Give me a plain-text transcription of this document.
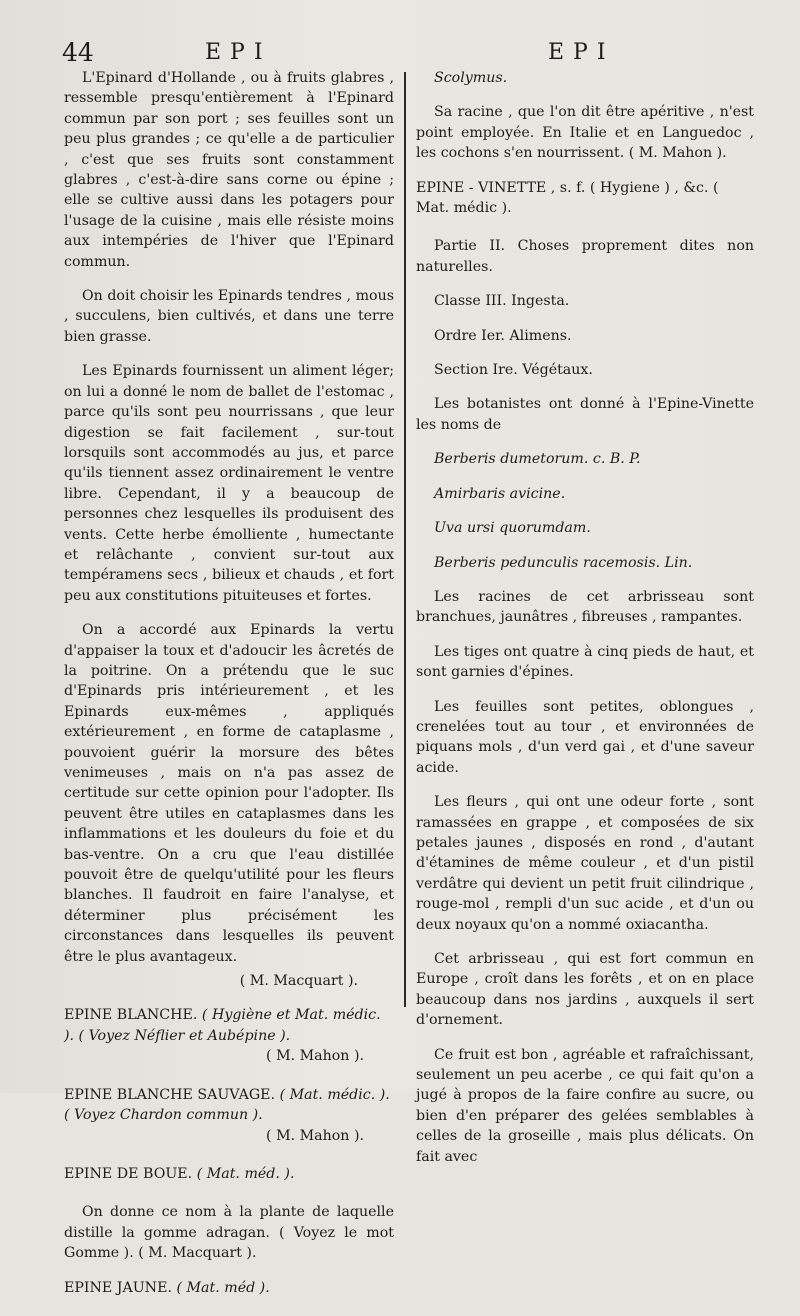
44	EPI	EPI

L'Epinard d'Hollande , ou à fruits glabres , ressemble presqu'entièrement à l'Epinard commun par son port ; ses feuilles sont un peu plus grandes ; ce qu'elle a de particulier , c'est que ses fruits sont constamment glabres , c'est-à-dire sans corne ou épine ; elle se cultive aussi dans les potagers pour l'usage de la cuisine , mais elle résiste moins aux intempéries de l'hiver que l'Epinard commun.

On doit choisir les Epinards tendres , mous , succulens, bien cultivés, et dans une terre bien grasse.

Les Epinards fournissent un aliment léger; on lui a donné le nom de ballet de l'estomac , parce qu'ils sont peu nourrissans , que leur digestion se fait facilement , sur-tout lorsquils sont accommodés au jus, et parce qu'ils tiennent assez ordinairement le ventre libre. Cependant, il y a beaucoup de personnes chez lesquelles ils produisent des vents. Cette herbe émolliente , humectante et relâchante , convient sur-tout aux tempéramens secs , bilieux et chauds , et fort peu aux constitutions pituiteuses et fortes.

On a accordé aux Epinards la vertu d'appaiser la toux et d'adoucir les âcretés de la poitrine. On a prétendu que le suc d'Epinards pris intérieurement , et les Epinards eux-mêmes , appliqués extérieurement , en forme de cataplasme , pouvoient guérir la morsure des bêtes venimeuses , mais on n'a pas assez de certitude sur cette opinion pour l'adopter. Ils peuvent être utiles en cataplasmes dans les inflammations et les douleurs du foie et du bas-ventre. On a cru que l'eau distillée pouvoit être de quelqu'utilité pour les fleurs blanches. Il faudroit en faire l'analyse, et déterminer plus précisément les circonstances dans lesquelles ils peuvent être le plus avantageux.

( M. Macquart ).

EPINE BLANCHE. ( Hygiène et Mat. médic. ). ( Voyez Néflier et Aubépine ).
( M. Mahon ).
EPINE BLANCHE SAUVAGE. ( Mat. médic. ). ( Voyez Chardon commun ).
( M. Mahon ).
EPINE DE BOUE. ( Mat. méd. ).

On donne ce nom à la plante de laquelle distille la gomme adragan. ( Voyez le mot Gomme ). ( M. Macquart ).

EPINE JAUNE. ( Mat. méd ).

Scolymus.

Sa racine , que l'on dit être apéritive , n'est point employée. En Italie et en Languedoc , les cochons s'en nourrissent. ( M. Mahon ).

EPINE - VINETTE , s. f. ( Hygiene ) , &c. ( Mat. médic ).

Partie II. Choses proprement dites non naturelles.

Classe III. Ingesta.

Ordre Ier. Alimens.

Section Ire. Végétaux.

Les botanistes ont donné à l'Epine-Vinette les noms de

Berberis dumetorum. c. B. P.
Amirbaris avicine.
Uva ursi quorumdam.
Berberis pedunculis racemosis. Lin.

Les racines de cet arbrisseau sont branchues, jaunâtres , fibreuses , rampantes.

Les tiges ont quatre à cinq pieds de haut, et sont garnies d'épines.

Les feuilles sont petites, oblongues , crenelées tout au tour , et environnées de piquans mols , d'un verd gai , et d'une saveur acide.

Les fleurs , qui ont une odeur forte , sont ramassées en grappe , et composées de six petales jaunes , disposés en rond , d'autant d'étamines de même couleur , et d'un pistil verdâtre qui devient un petit fruit cilindrique , rouge-mol , rempli d'un suc acide , et d'un ou deux noyaux qu'on a nommé oxiacantha.

Cet arbrisseau , qui est fort commun en Europe , croît dans les forêts , et on en place beaucoup dans nos jardins , auxquels il sert d'ornement.

Ce fruit est bon , agréable et rafraîchissant, seulement un peu acerbe , ce qui fait qu'on a jugé à propos de la faire confire au sucre, ou bien d'en préparer des gelées semblables à celles de la groseille , mais plus délicats. On fait avec
